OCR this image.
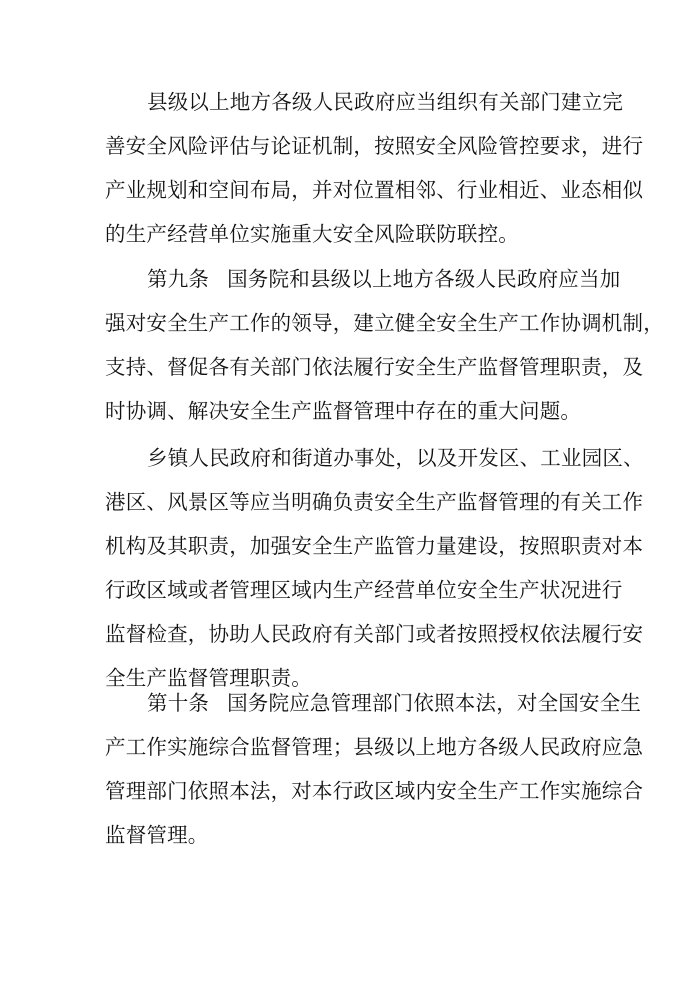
县级以上地方各级人民政府应当组织有关部门建立完
善安全风险评估与论证机制，按照安全风险管控要求，进行
产业规划和空间布局，并对位置相邻、行业相近、业态相似
的生产经营单位实施重大安全风险联防联控。
第九条 国务院和县级以上地方各级人民政府应当加
强对安全生产工作的领导，建立健全安全生产工作协调机制，
支持、督促各有关部门依法履行安全生产监督管理职责，及
时协调、解决安全生产监督管理中存在的重大问题。
乡镇人民政府和街道办事处，以及开发区、工业园区、
港区、风景区等应当明确负责安全生产监督管理的有关工作
机构及其职责，加强安全生产监管力量建设，按照职责对本
行政区域或者管理区域内生产经营单位安全生产状况进行
监督检查，协助人民政府有关部门或者按照授权依法履行安
全生产监督管理职责。
第十条 国务院应急管理部门依照本法，对全国安全生
产工作实施综合监督管理；县级以上地方各级人民政府应急
管理部门依照本法，对本行政区域内安全生产工作实施综合
监督管理。
